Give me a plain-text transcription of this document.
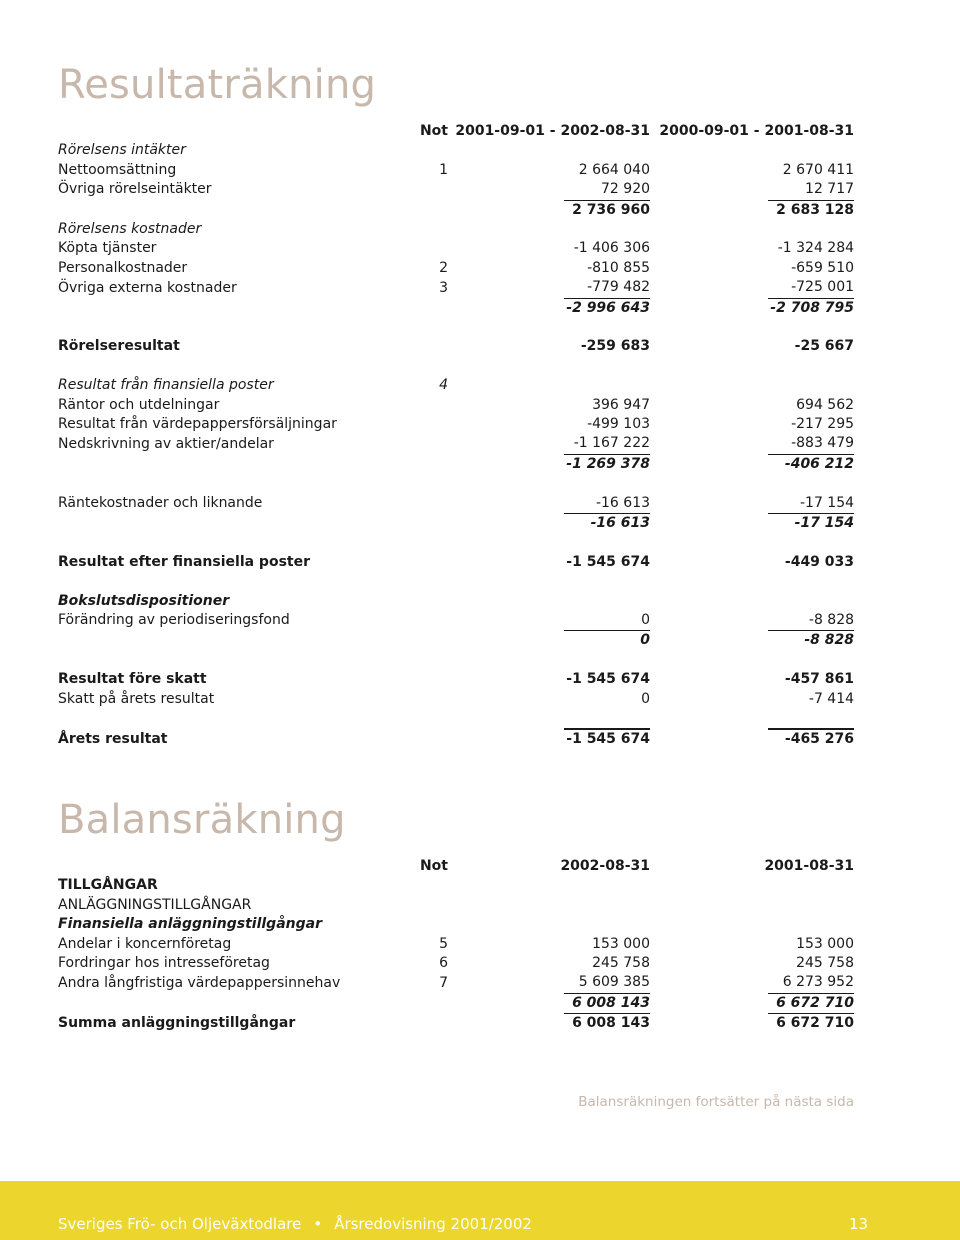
Resultaträkning
	Not	2001-09-01 - 2002-08-31		2000-09-01 - 2001-08-31	
Rörelsens intäkter					
Nettoomsättning	1		2 664 040		2 670 411
Övriga rörelseintäkter			72 920		12 717
			2 736 960		2 683 128
Rörelsens kostnader					
Köpta tjänster			-1 406 306		-1 324 284
Personalkostnader	2		-810 855		-659 510
Övriga externa kostnader	3		-779 482		-725 001
			-2 996 643		-2 708 795

Rörelseresultat			-259 683		-25 667

Resultat från finansiella poster	4				
Räntor och utdelningar			396 947		694 562
Resultat från värdepappersförsäljningar			-499 103		-217 295
Nedskrivning av aktier/andelar			-1 167 222		-883 479
			-1 269 378		-406 212

Räntekostnader och liknande			-16 613		-17 154
			-16 613		-17 154

Resultat efter finansiella poster			-1 545 674		-449 033

Bokslutsdispositioner					
Förändring av periodiseringsfond			0		-8 828
			0		-8 828

Resultat före skatt			-1 545 674		-457 861
Skatt på årets resultat			0		-7 414

Årets resultat			-1 545 674		-465 276
Balansräkning
	Not	2002-08-31		2001-08-31	
TILLGÅNGAR					
ANLÄGGNINGSTILLGÅNGAR					
Finansiella anläggningstillgångar					
Andelar i koncernföretag	5		153 000		153 000
Fordringar hos intresseföretag	6		245 758		245 758
Andra långfristiga värdepappersinnehav	7		5 609 385		6 273 952
			6 008 143		6 672 710
Summa anläggningstillgångar			6 008 143		6 672 710
Balansräkningen fortsätter på nästa sida
Sveriges Frö- och Oljeväxtodlare • Årsredovisning 2001/2002	13
